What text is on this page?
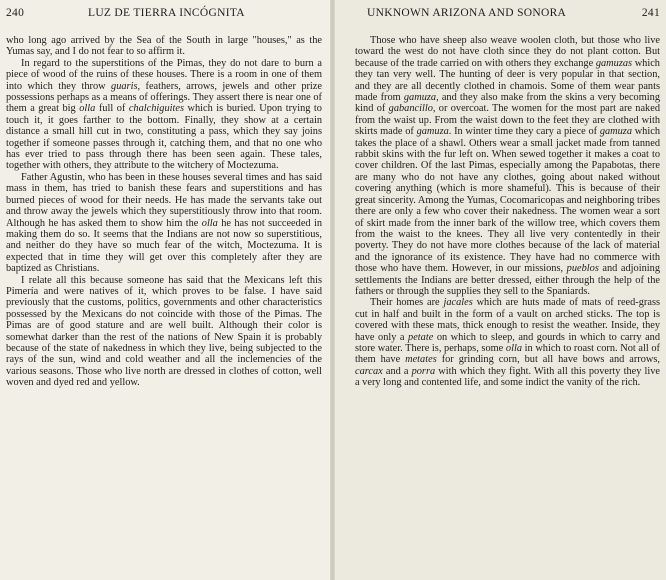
240	LUZ DE TIERRA INCÓGNITA

who long ago arrived by the Sea of the South in large "houses," as the Yumas say, and I do not fear to so affirm it.

In regard to the superstitions of the Pimas, they do not dare to burn a piece of wood of the ruins of these houses. There is a room in one of them into which they throw guaris, feathers, arrows, jewels and other prize possessions perhaps as a means of offerings. They assert there is near one of them a great big olla full of chalchiguites which is buried. Upon trying to touch it, it goes farther to the bottom. Finally, they show at a certain distance a small hill cut in two, constituting a pass, which they say joins together if someone passes through it, catching them, and that no one who has ever tried to pass through there has been seen again. These tales, together with others, they attribute to the witchery of Moctezuma.

Father Agustin, who has been in these houses several times and has said mass in them, has tried to banish these fears and superstitions and has burned pieces of wood for their needs. He has made the servants take out and throw away the jewels which they superstitiously throw into that room. Although he has asked them to show him the olla he has not succeeded in making them do so. It seems that the Indians are not now so superstitious, and neither do they have so much fear of the witch, Moctezuma. It is expected that in time they will get over this completely after they are baptized as Christians.

I relate all this because someone has said that the Mexicans left this Pimería and were natives of it, which proves to be false. I have said previously that the customs, politics, governments and other characteristics possessed by the Mexicans do not coincide with those of the Pimas. The Pimas are of good stature and are well built. Although their color is somewhat darker than the rest of the nations of New Spain it is probably because of the state of nakedness in which they live, being subjected to the rays of the sun, wind and cold weather and all the inclemencies of the various seasons. Those who live north are dressed in clothes of cotton, well woven and dyed red and yellow.

UNKNOWN ARIZONA AND SONORA	241

Those who have sheep also weave woolen cloth, but those who live toward the west do not have cloth since they do not plant cotton. But because of the trade carried on with others they exchange gamuzas which they tan very well. The hunting of deer is very popular in that section, and they are all decently clothed in chamois. Some of them wear pants made from gamuza, and they also make from the skins a very becoming kind of gabancillo, or overcoat. The women for the most part are naked from the waist up. From the waist down to the feet they are clothed with skirts made of gamuza. In winter time they cary a piece of gamuza which takes the place of a shawl. Others wear a small jacket made from tanned rabbit skins with the fur left on. When sewed together it makes a coat to cover children. Of the last Pimas, especially among the Papabotas, there are many who do not have any clothes, going about naked without covering anything (which is more shameful). This is because of their great sincerity. Among the Yumas, Cocomaricopas and neighboring tribes there are only a few who cover their nakedness. The women wear a sort of skirt made from the inner bark of the willow tree, which covers them from the waist to the knees. They all live very contentedly in their poverty. They do not have more clothes because of the lack of material and the ignorance of its existence. They have had no commerce with those who have them. However, in our missions, pueblos and adjoining settlements the Indians are better dressed, either through the help of the fathers or through the supplies they sell to the Spaniards.

Their homes are jacales which are huts made of mats of reed-grass cut in half and built in the form of a vault on arched sticks. The top is covered with these mats, thick enough to resist the weather. Inside, they have only a petate on which to sleep, and gourds in which to carry and store water. There is, perhaps, some olla in which to roast corn. Not all of them have metates for grinding corn, but all have bows and arrows, carcax and a porra with which they fight. With all this poverty they live a very long and contented life, and some indict the vanity of the rich.
